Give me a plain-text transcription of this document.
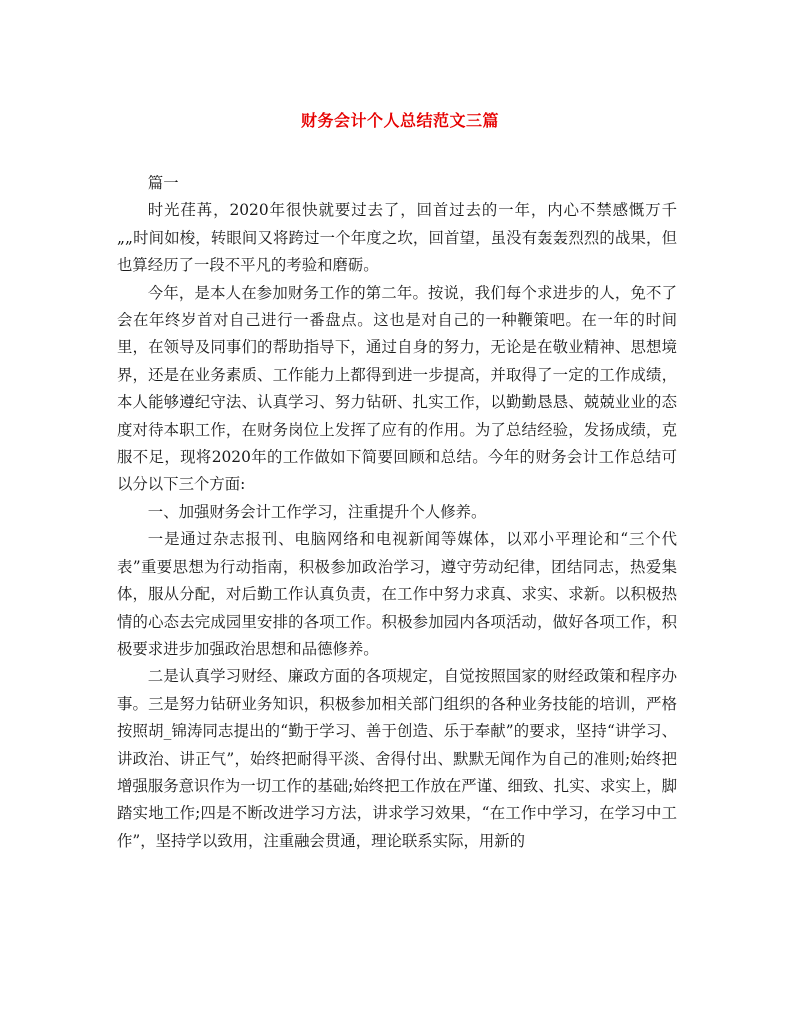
财务会计个人总结范文三篇

篇一

时光荏苒，2020年很快就要过去了，回首过去的一年，内心不禁感慨万千„„时间如梭，转眼间又将跨过一个年度之坎，回首望，虽没有轰轰烈烈的战果，但也算经历了一段不平凡的考验和磨砺。

今年，是本人在参加财务工作的第二年。按说，我们每个求进步的人，免不了会在年终岁首对自己进行一番盘点。这也是对自己的一种鞭策吧。在一年的时间里，在领导及同事们的帮助指导下，通过自身的努力，无论是在敬业精神、思想境界，还是在业务素质、工作能力上都得到进一步提高，并取得了一定的工作成绩，本人能够遵纪守法、认真学习、努力钻研、扎实工作，以勤勤恳恳、兢兢业业的态度对待本职工作，在财务岗位上发挥了应有的作用。为了总结经验，发扬成绩，克服不足，现将2020年的工作做如下简要回顾和总结。今年的财务会计工作总结可以分以下三个方面:

一、加强财务会计工作学习，注重提升个人修养。

一是通过杂志报刊、电脑网络和电视新闻等媒体，以邓小平理论和“三个代表”重要思想为行动指南，积极参加政治学习，遵守劳动纪律，团结同志，热爱集体，服从分配，对后勤工作认真负责，在工作中努力求真、求实、求新。以积极热情的心态去完成园里安排的各项工作。积极参加园内各项活动，做好各项工作，积极要求进步加强政治思想和品德修养。

二是认真学习财经、廉政方面的各项规定，自觉按照国家的财经政策和程序办事。三是努力钻研业务知识，积极参加相关部门组织的各种业务技能的培训，严格按照胡_锦涛同志提出的“勤于学习、善于创造、乐于奉献”的要求，坚持“讲学习、讲政治、讲正气”，始终把耐得平淡、舍得付出、默默无闻作为自己的准则;始终把增强服务意识作为一切工作的基础;始终把工作放在严谨、细致、扎实、求实上，脚踏实地工作;四是不断改进学习方法，讲求学习效果，“在工作中学习，在学习中工作”，坚持学以致用，注重融会贯通，理论联系实际，用新的
